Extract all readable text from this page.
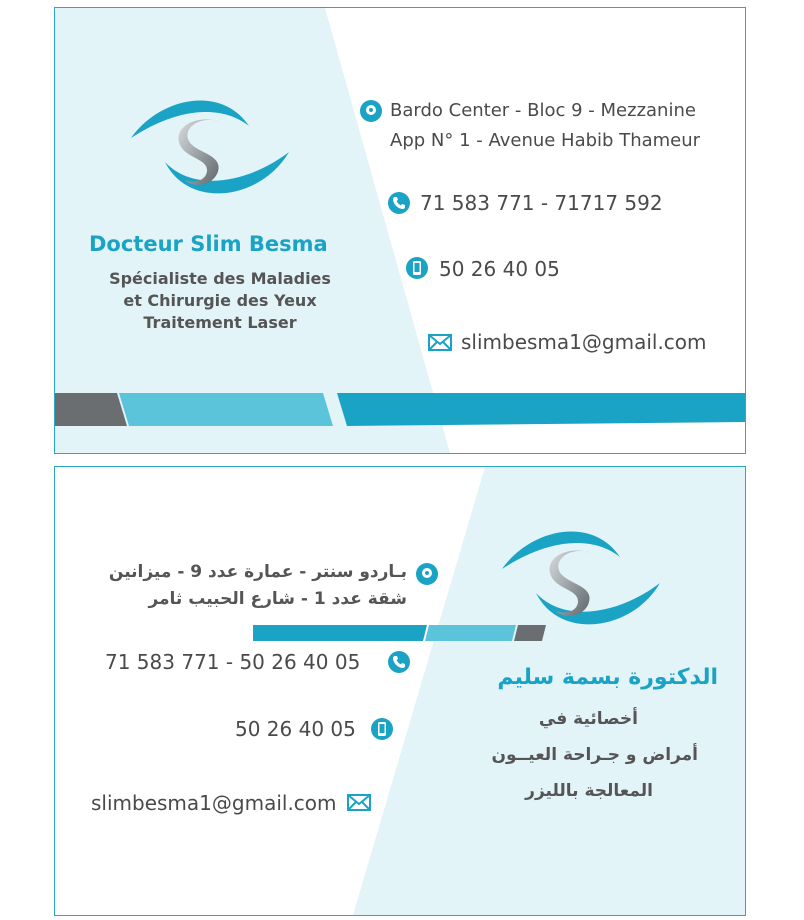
Docteur Slim Besma
Spécialiste des Maladies
et Chirurgie des Yeux
Traitement Laser
Bardo Center - Bloc 9 - Mezzanine
App N° 1 - Avenue Habib Thameur
71 583 771 - 71717 592
50 26 40 05
slimbesma1@gmail.com
بـاردو سنتر - عمارة عدد 9 - ميزانين
شقة عدد 1 - شارع الحبيب ثامر
71 583 771 - 50 26 40 05
50 26 40 05
slimbesma1@gmail.com
الدكتورة بسمة سليم
أخصائية في
أمراض و جـراحة العيــون
المعالجة بالليزر
